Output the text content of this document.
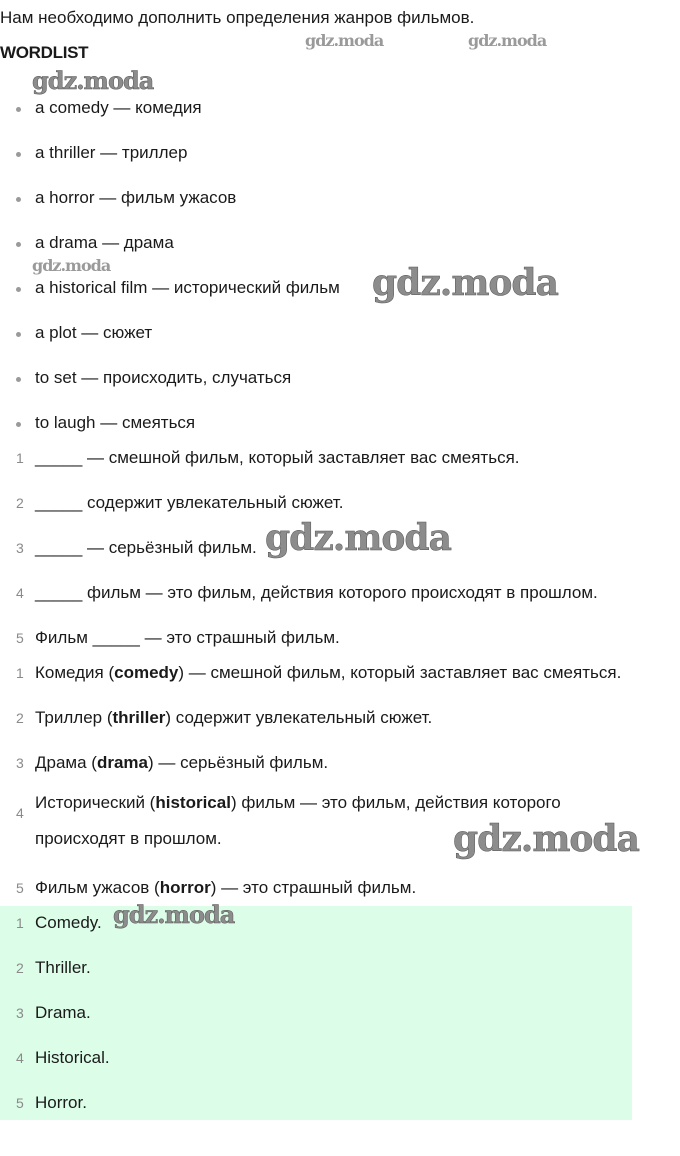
Нам необходимо дополнить определения жанров фильмов.
WORDLIST
a comedy — комедия
a thriller — триллер
a horror — фильм ужасов
a drama — драма
a historical film — исторический фильм
a plot — сюжет
to set — происходить, случаться
to laugh — смеяться
1 _____ — смешной фильм, который заставляет вас смеяться.
2 _____ содержит увлекательный сюжет.
3 _____ — серьёзный фильм.
4 _____ фильм — это фильм, действия которого происходят в прошлом.
5 Фильм _____ — это страшный фильм.
1 Комедия (comedy) — смешной фильм, который заставляет вас смеяться.
2 Триллер (thriller) содержит увлекательный сюжет.
3 Драма (drama) — серьёзный фильм.
4
Исторический (historical) фильм — это фильм, действия которого происходят в прошлом.
5 Фильм ужасов (horror) — это страшный фильм.
1 Comedy.
2 Thriller.
3 Drama.
4 Historical.
5 Horror.
gdz.moda	gdz.moda
gdz.moda
gdz.moda	gdz.moda
gdz.moda
gdz.moda
gdz.moda
